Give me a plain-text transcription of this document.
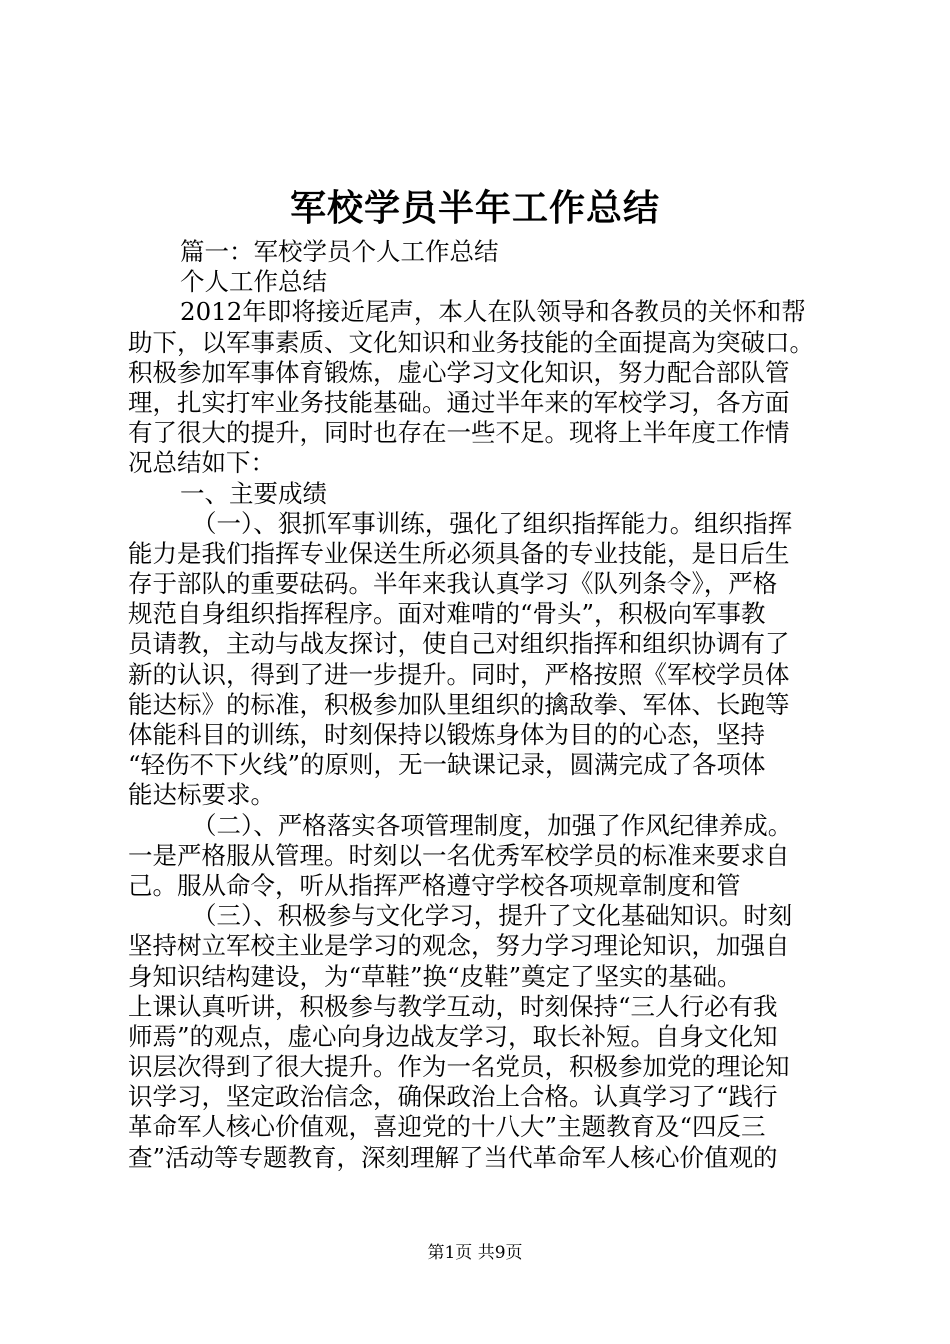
军校学员半年工作总结
篇一：军校学员个人工作总结
个人工作总结
2012年即将接近尾声，本人在队领导和各教员的关怀和帮
助下，以军事素质、文化知识和业务技能的全面提高为突破口。
积极参加军事体育锻炼，虚心学习文化知识，努力配合部队管
理，扎实打牢业务技能基础。通过半年来的军校学习，各方面
有了很大的提升，同时也存在一些不足。现将上半年度工作情
况总结如下：
一、主要成绩
（一）、狠抓军事训练，强化了组织指挥能力。组织指挥
能力是我们指挥专业保送生所必须具备的专业技能，是日后生
存于部队的重要砝码。半年来我认真学习《队列条令》，严格
规范自身组织指挥程序。面对难啃的“骨头”，积极向军事教
员请教，主动与战友探讨，使自己对组织指挥和组织协调有了
新的认识，得到了进一步提升。同时，严格按照《军校学员体
能达标》的标准，积极参加队里组织的擒敌拳、军体、长跑等
体能科目的训练，时刻保持以锻炼身体为目的的心态，坚持
“轻伤不下火线”的原则，无一缺课记录，圆满完成了各项体
能达标要求。
（二）、严格落实各项管理制度，加强了作风纪律养成。
一是严格服从管理。时刻以一名优秀军校学员的标准来要求自
己。服从命令，听从指挥严格遵守学校各项规章制度和管
（三）、积极参与文化学习，提升了文化基础知识。时刻
坚持树立军校主业是学习的观念，努力学习理论知识，加强自
身知识结构建设，为“草鞋”换“皮鞋”奠定了坚实的基础。
上课认真听讲，积极参与教学互动，时刻保持“三人行必有我
师焉”的观点，虚心向身边战友学习，取长补短。自身文化知
识层次得到了很大提升。作为一名党员，积极参加党的理论知
识学习，坚定政治信念，确保政治上合格。认真学习了“践行
革命军人核心价值观，喜迎党的十八大”主题教育及“四反三
查”活动等专题教育，深刻理解了当代革命军人核心价值观的
第1页 共9页
